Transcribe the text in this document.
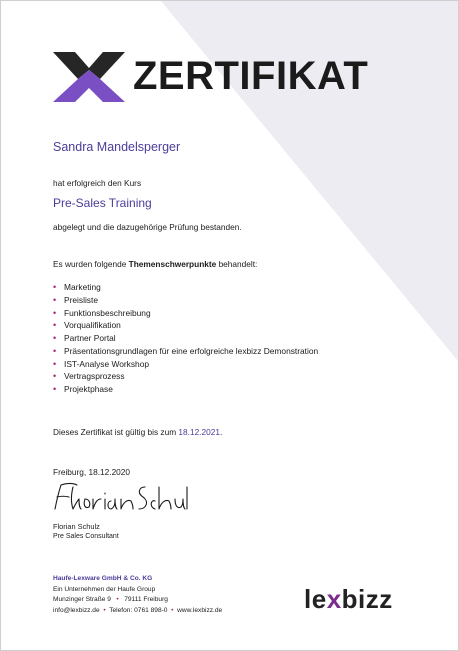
ZERTIFIKAT
Sandra Mandelsperger
hat erfolgreich den Kurs
Pre-Sales Training
abgelegt und die dazugehörige Prüfung bestanden.
Es wurden folgende Themenschwerpunkte behandelt:
• Marketing
• Preisliste
• Funktionsbeschreibung
• Vorqualifikation
• Partner Portal
• Präsentationsgrundlagen für eine erfolgreiche lexbizz Demonstration
• IST-Analyse Workshop
• Vertragsprozess
• Projektphase
Dieses Zertifikat ist gültig bis zum 18.12.2021.
Freiburg, 18.12.2020
Florian Schulz
Pre Sales Consultant
Haufe-Lexware GmbH & Co. KG
Ein Unternehmen der Haufe Group
Munzinger Straße 9 • 79111 Freiburg
info@lexbizz.de • Telefon: 0761 898-0 • www.lexbizz.de	lexbizz
